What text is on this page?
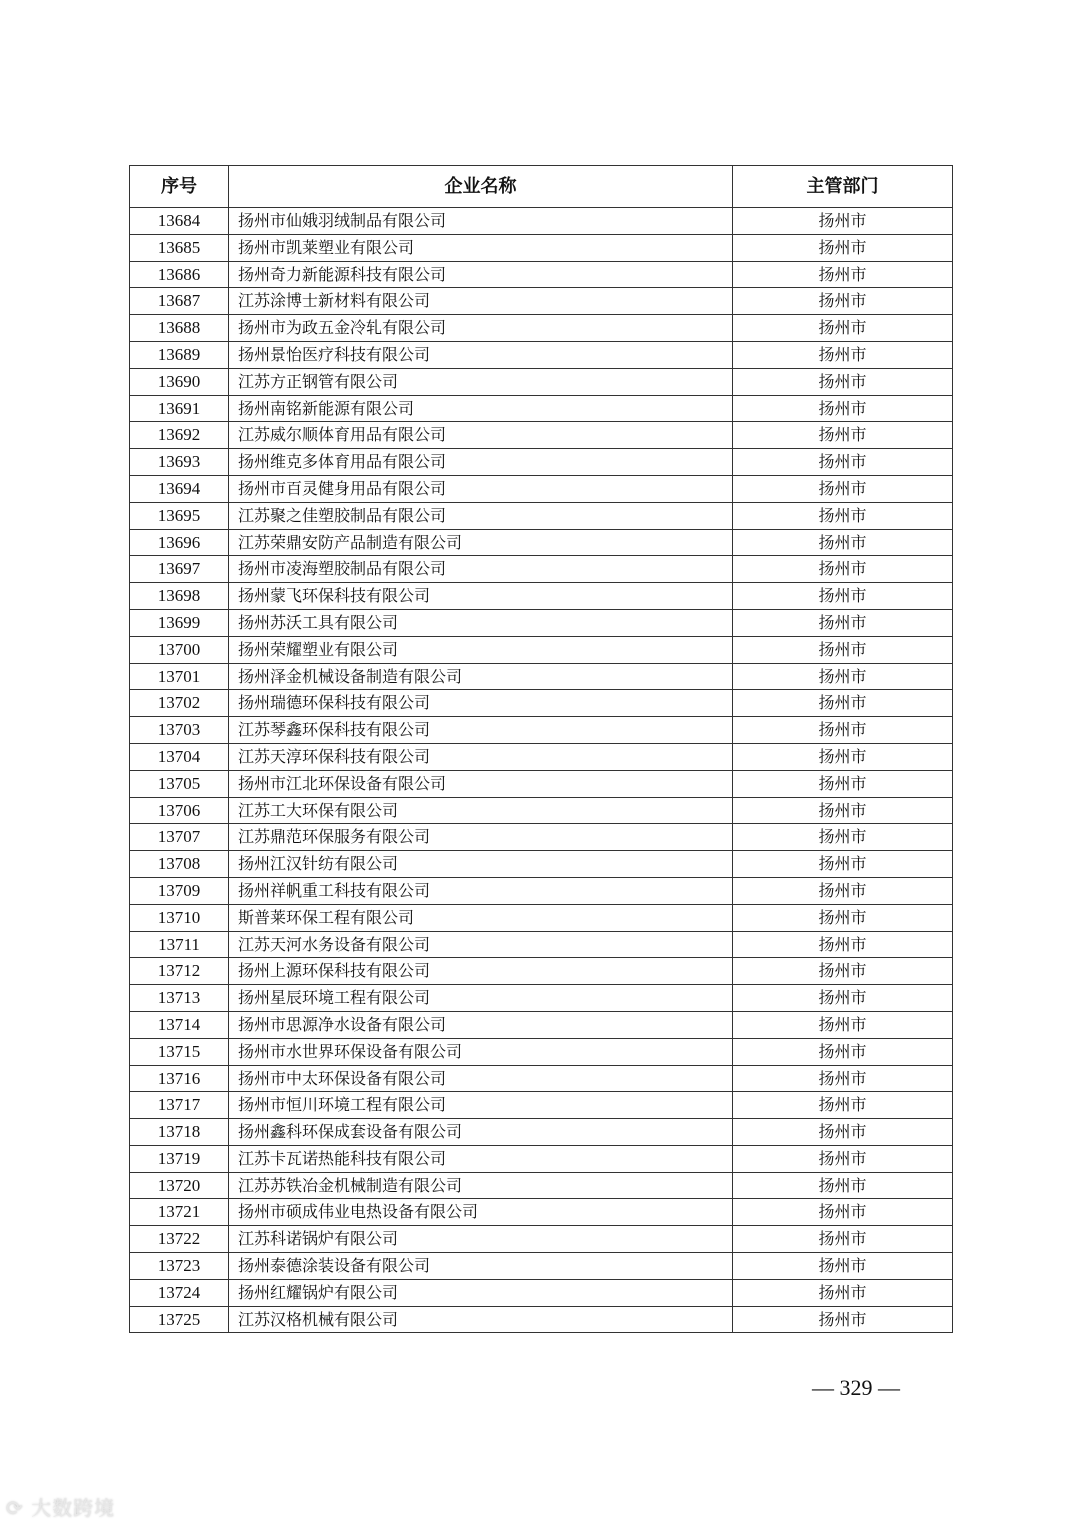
序号	企业名称	主管部门
13684	扬州市仙娥羽绒制品有限公司	扬州市
13685	扬州市凯莱塑业有限公司	扬州市
13686	扬州奇力新能源科技有限公司	扬州市
13687	江苏涂博士新材料有限公司	扬州市
13688	扬州市为政五金冷轧有限公司	扬州市
13689	扬州景怡医疗科技有限公司	扬州市
13690	江苏方正钢管有限公司	扬州市
13691	扬州南铭新能源有限公司	扬州市
13692	江苏威尔顺体育用品有限公司	扬州市
13693	扬州维克多体育用品有限公司	扬州市
13694	扬州市百灵健身用品有限公司	扬州市
13695	江苏聚之佳塑胶制品有限公司	扬州市
13696	江苏荣鼎安防产品制造有限公司	扬州市
13697	扬州市凌海塑胶制品有限公司	扬州市
13698	扬州蒙飞环保科技有限公司	扬州市
13699	扬州苏沃工具有限公司	扬州市
13700	扬州荣耀塑业有限公司	扬州市
13701	扬州泽金机械设备制造有限公司	扬州市
13702	扬州瑞德环保科技有限公司	扬州市
13703	江苏琴鑫环保科技有限公司	扬州市
13704	江苏天淳环保科技有限公司	扬州市
13705	扬州市江北环保设备有限公司	扬州市
13706	江苏工大环保有限公司	扬州市
13707	江苏鼎范环保服务有限公司	扬州市
13708	扬州江汉针纺有限公司	扬州市
13709	扬州祥帆重工科技有限公司	扬州市
13710	斯普莱环保工程有限公司	扬州市
13711	江苏天河水务设备有限公司	扬州市
13712	扬州上源环保科技有限公司	扬州市
13713	扬州星辰环境工程有限公司	扬州市
13714	扬州市思源净水设备有限公司	扬州市
13715	扬州市水世界环保设备有限公司	扬州市
13716	扬州市中太环保设备有限公司	扬州市
13717	扬州市恒川环境工程有限公司	扬州市
13718	扬州鑫科环保成套设备有限公司	扬州市
13719	江苏卡瓦诺热能科技有限公司	扬州市
13720	江苏苏铁冶金机械制造有限公司	扬州市
13721	扬州市硕成伟业电热设备有限公司	扬州市
13722	江苏科诺锅炉有限公司	扬州市
13723	扬州泰德涂装设备有限公司	扬州市
13724	扬州红耀锅炉有限公司	扬州市
13725	江苏汉格机械有限公司	扬州市
— 329 —
⟳ 大数跨境
